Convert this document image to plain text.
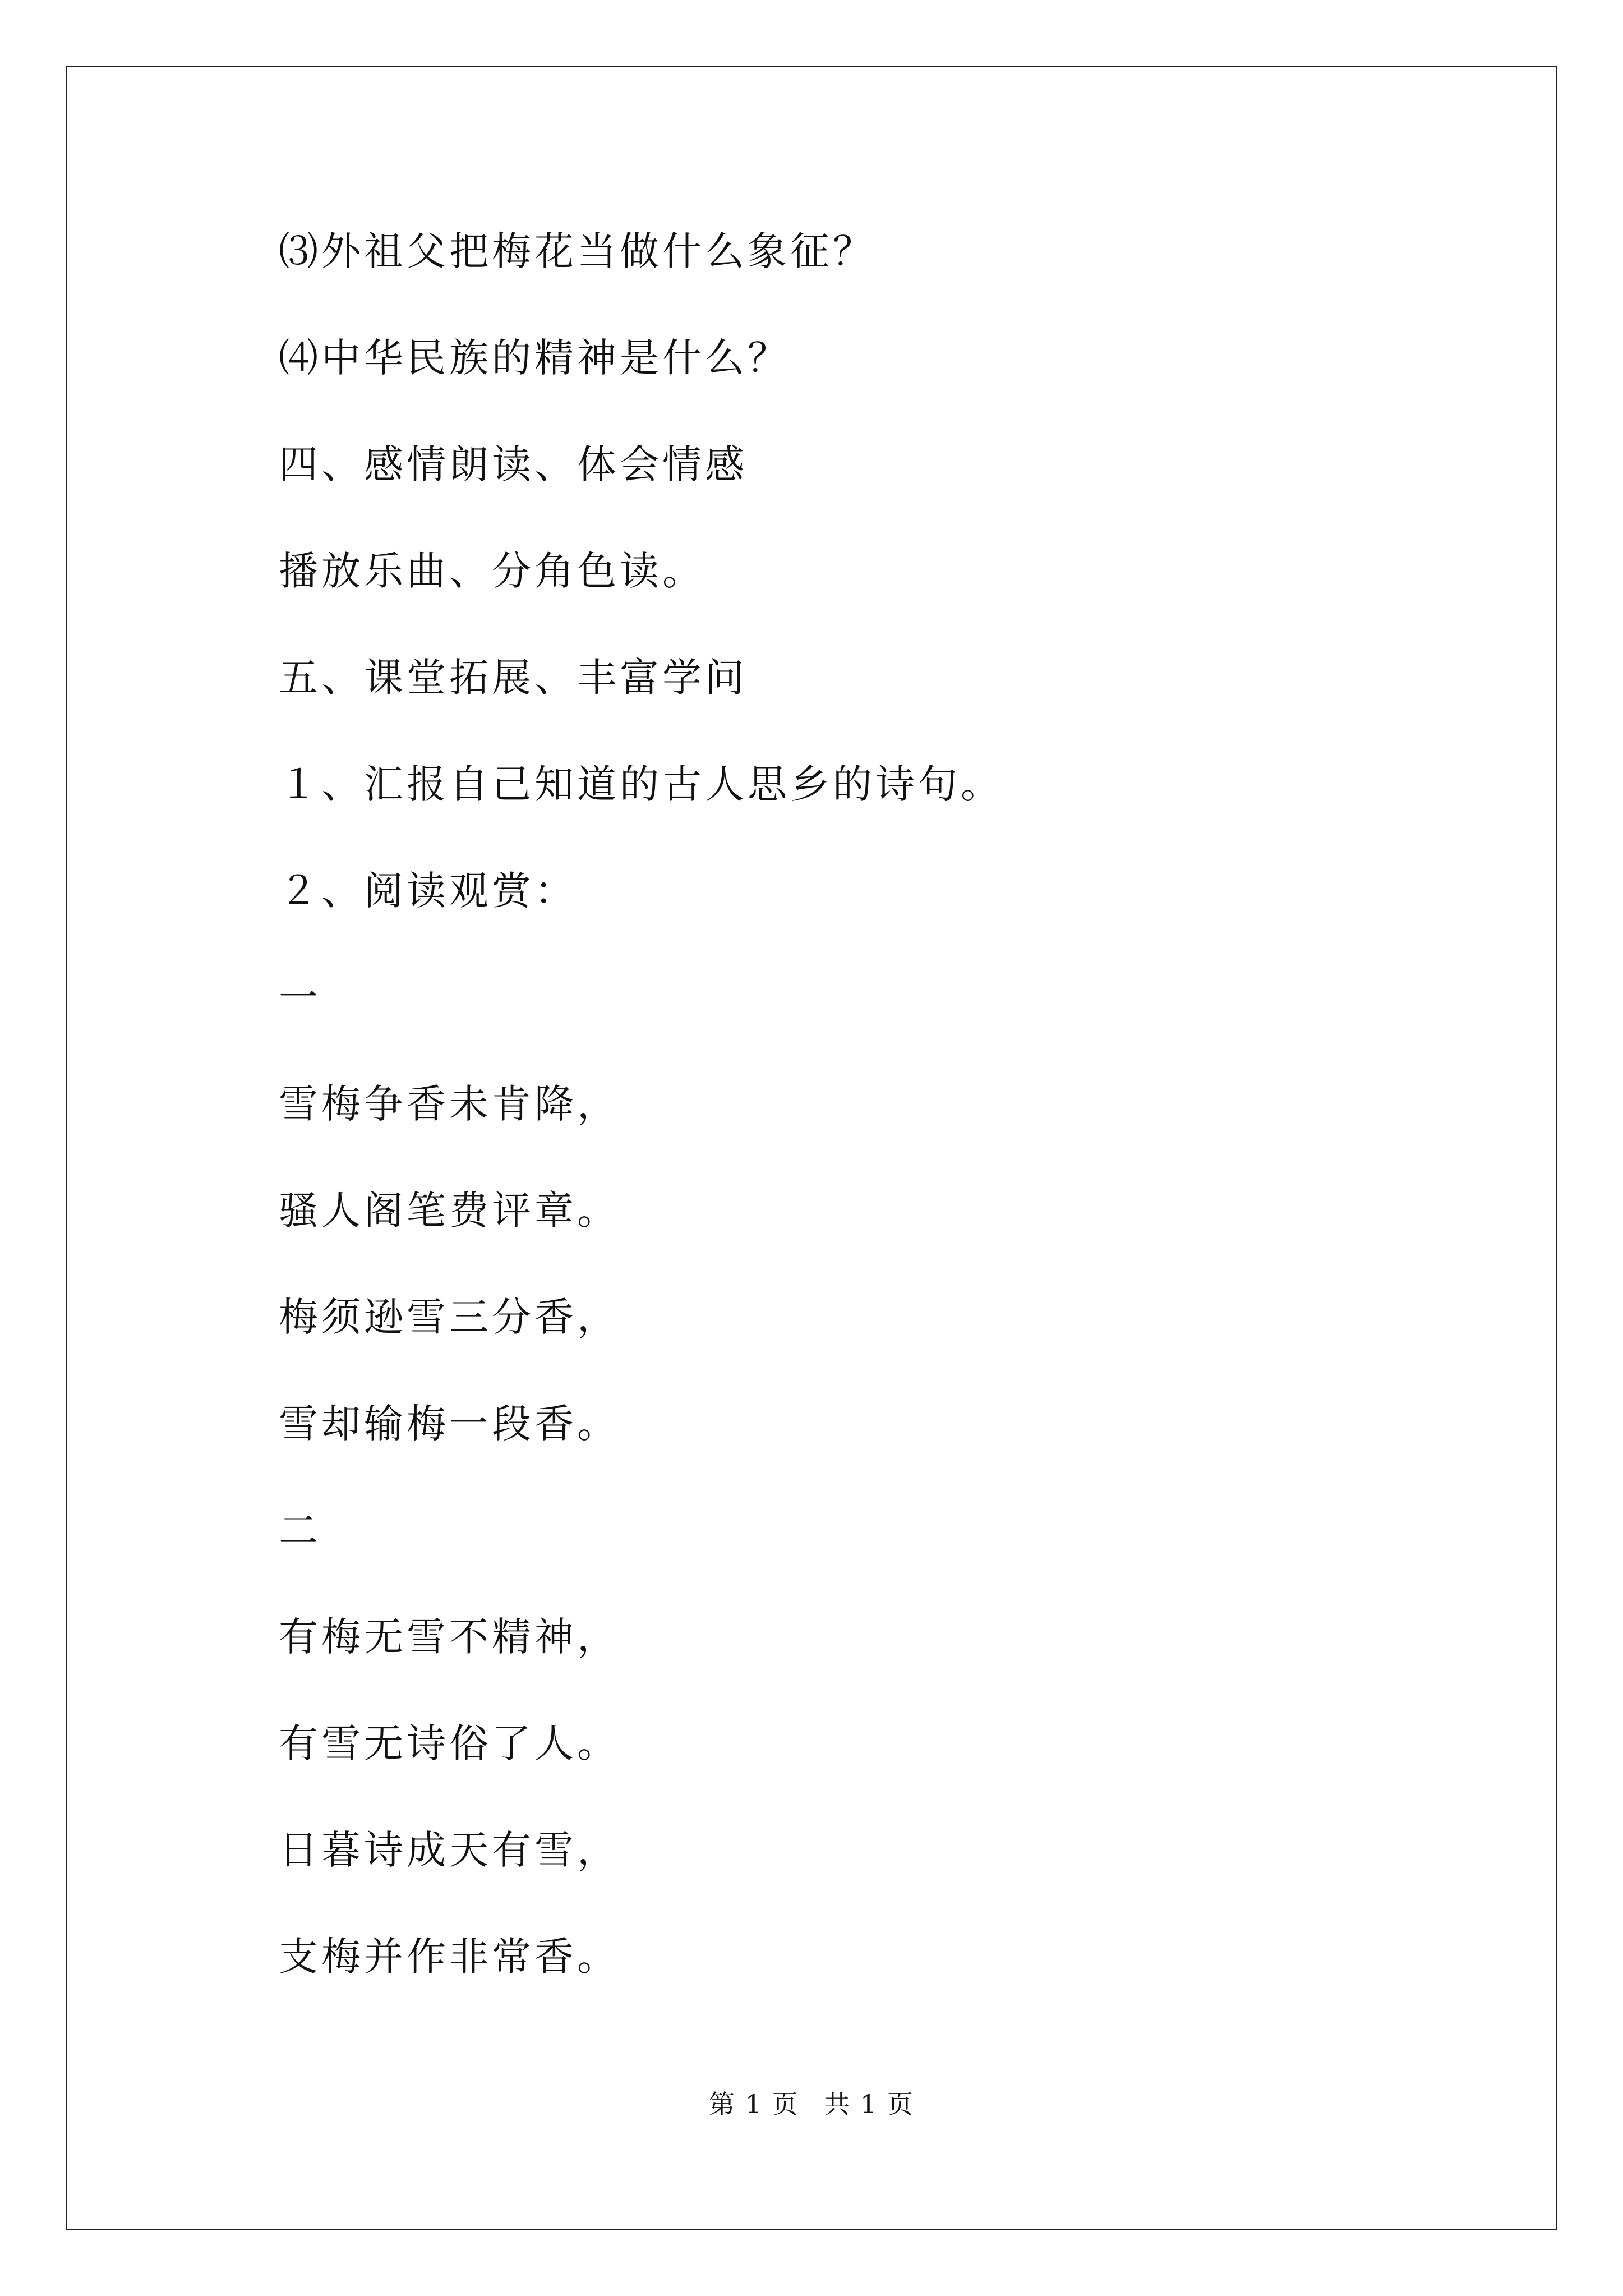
⑶外祖父把梅花当做什么象征？
⑷中华民族的精神是什么？
四、感情朗读、体会情感
播放乐曲、分角色读。
五、课堂拓展、丰富学问
１、汇报自己知道的古人思乡的诗句。
２、阅读观赏：
一
雪梅争香未肯降，
骚人阁笔费评章。
梅须逊雪三分香，
雪却输梅一段香。
二
有梅无雪不精神，
有雪无诗俗了人。
日暮诗成天有雪，
支梅并作非常香。
第 1 页 共 1 页
